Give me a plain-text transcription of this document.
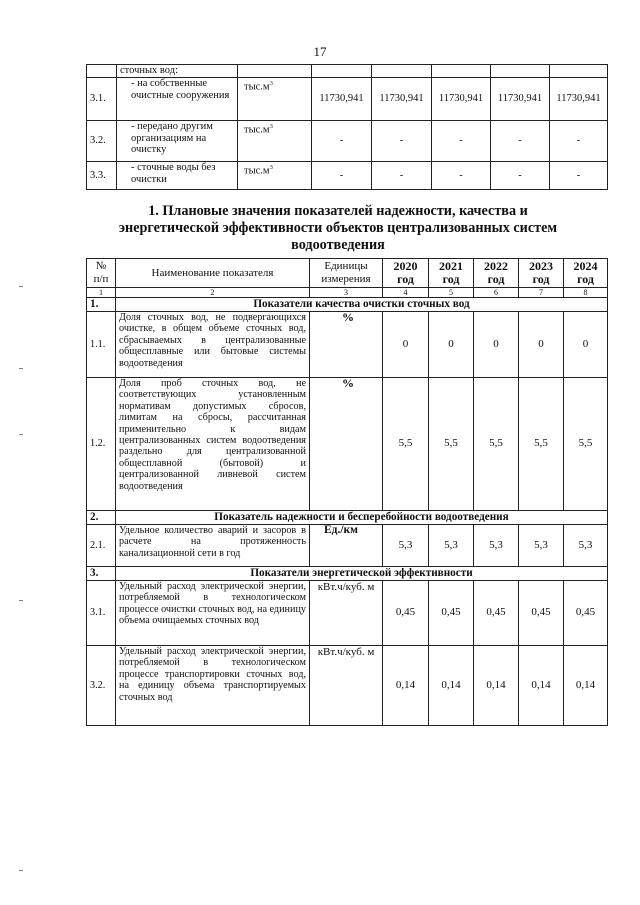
17
	сточных вод:						
3.1.	- на собственные очистные сооружения	$тыс.м^3$	11730,941	11730,941	11730,941	11730,941	11730,941
3.2.	- передано другим организациям на очистку	$тыс.м^3$	-	-	-	-	-
3.3.	- сточные воды без очистки	$тыс.м^3$	-	-	-	-	-
1. Плановые значения показателей надежности, качества и энергетической эффективности объектов централизованных систем водоотведения
№ п/п	Наименование показателя	Единицы измерения	2020 год	2021 год	2022 год	2023 год	2024 год
1	2	3	4	5	6	7	8
1.	Показатели качества очистки сточных вод						
1.1.	Доля сточных вод, не подвергающихся очистке, в общем объеме сточных вод, сбрасываемых в централизованные общесплавные или бытовые системы водоотведения	%	0	0	0	0	0
1.2.	Доля проб сточных вод, не соответствующих установленным нормативам допустимых сбросов, лимитам на сбросы, рассчитанная применительно к видам централизованных систем водоотведения раздельно для централизованной общесплавной (бытовой) и централизованной ливневой систем водоотведения	%	5,5	5,5	5,5	5,5	5,5
2.	Показатель надежности и бесперебойности водоотведения						
2.1.	Удельное количество аварий и засоров в расчете на протяженность канализационной сети в год	Ед./км	5,3	5,3	5,3	5,3	5,3
3.	Показатели энергетической эффективности						
3.1.	Удельный расход электрической энергии, потребляемой в технологическом процессе очистки сточных вод, на единицу объема очищаемых сточных вод	кВт.ч/куб. м	0,45	0,45	0,45	0,45	0,45
3.2.	Удельный расход электрической энергии, потребляемой в технологическом процессе транспортировки сточных вод, на единицу объема транспортируемых сточных вод	кВт.ч/куб. м	0,14	0,14	0,14	0,14	0,14
